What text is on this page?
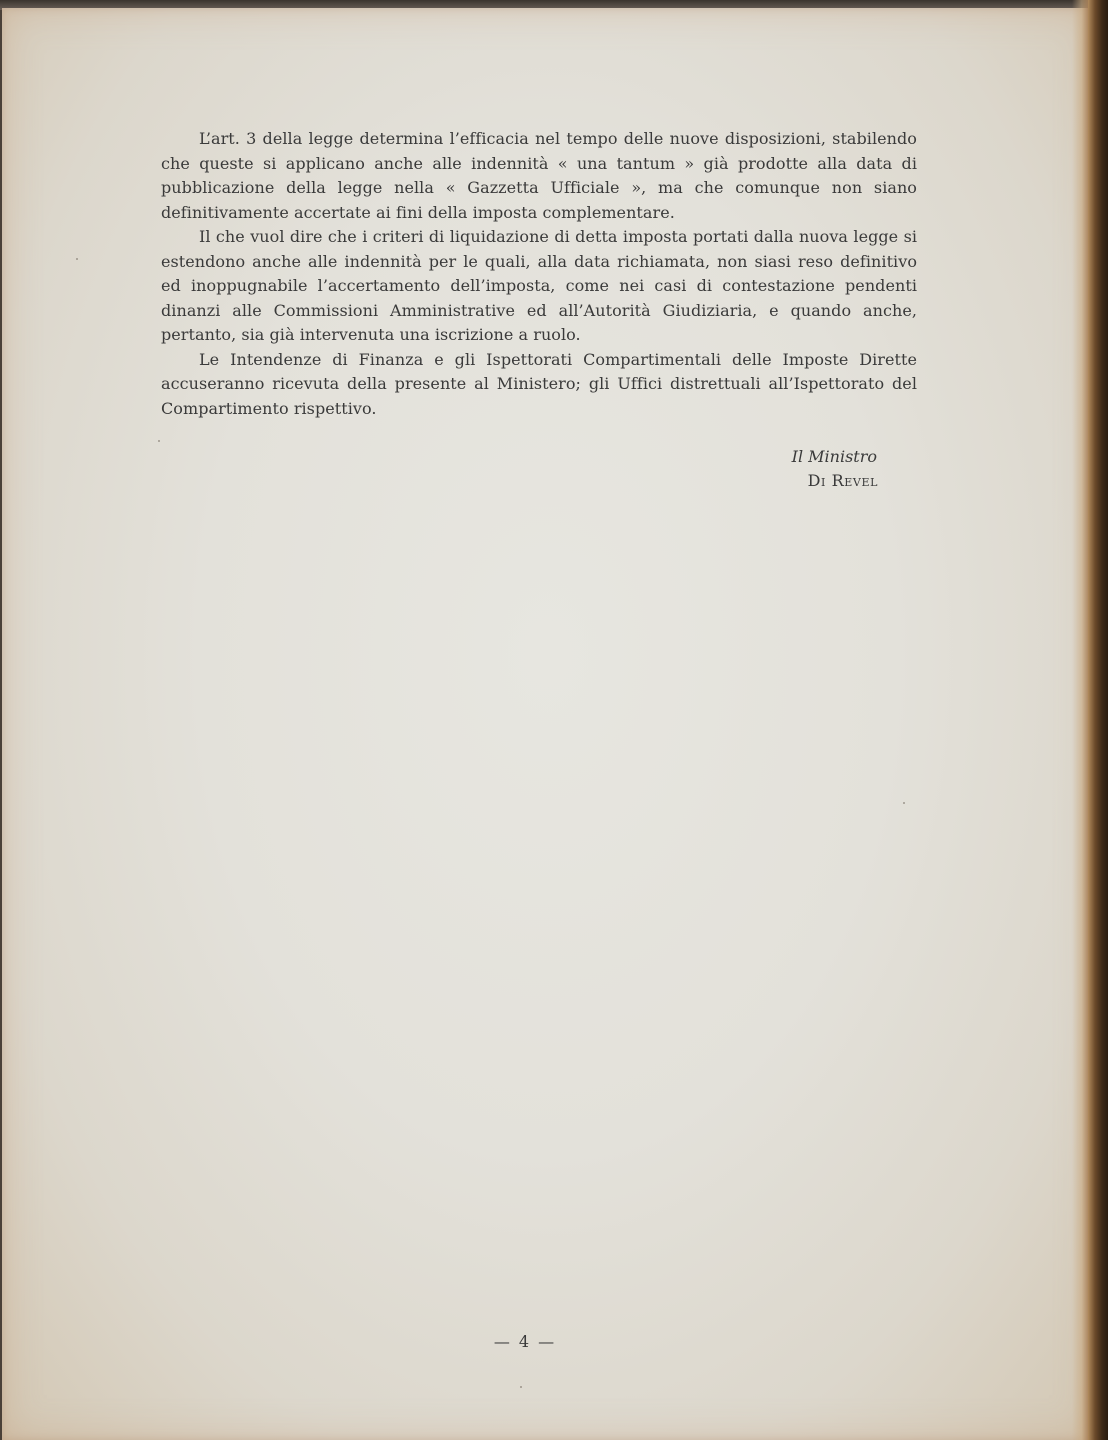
L’art. 3 della legge determina l’efficacia nel tempo delle nuove disposizioni, stabilendo che queste si applicano anche alle indennità « una tantum » già prodotte alla data di pubblicazione della legge nella « Gazzetta Ufficiale », ma che comunque non siano definitivamente accertate ai fini della imposta complementare.

Il che vuol dire che i criteri di liquidazione di detta imposta portati dalla nuova legge si estendono anche alle indennità per le quali, alla data richiamata, non siasi reso definitivo ed inoppugnabile l’accertamento dell’imposta, come nei casi di contestazione pendenti dinanzi alle Commissioni Amministrative ed all’Autorità Giudiziaria, e quando anche, pertanto, sia già intervenuta una iscrizione a ruolo.

Le Intendenze di Finanza e gli Ispettorati Compartimentali delle Imposte Dirette accuseranno ricevuta della presente al Ministero; gli Uffici distrettuali all’Ispettorato del Compartimento rispettivo.

Il Ministro
Di Revel
— 4 —
